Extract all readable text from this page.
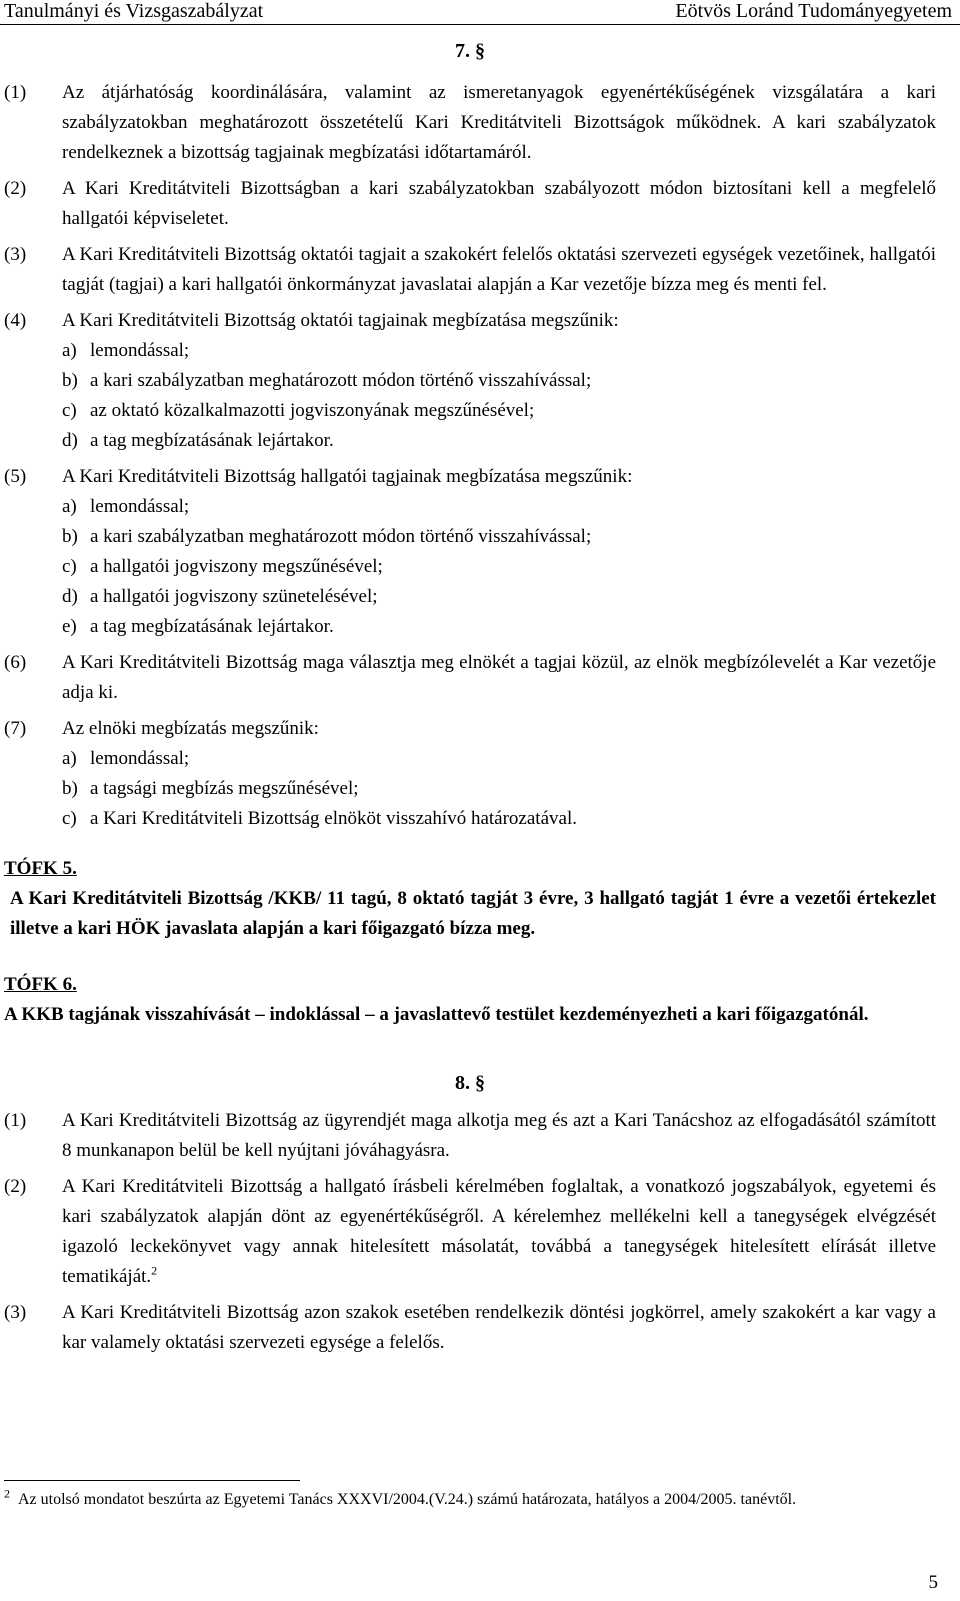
Tanulmányi és Vizsgaszabályzat	Eötvös Loránd Tudományegyetem
7. §
(1)	Az átjárhatóság koordinálására, valamint az ismeretanyagok egyenértékűségének vizsgálatára a kari szabályzatokban meghatározott összetételű Kari Kreditátviteli Bizottságok működnek. A kari szabályzatok rendelkeznek a bizottság tagjainak megbízatási időtartamáról.
(2)	A Kari Kreditátviteli Bizottságban a kari szabályzatokban szabályozott módon biztosítani kell a megfelelő hallgatói képviseletet.
(3)	A Kari Kreditátviteli Bizottság oktatói tagjait a szakokért felelős oktatási szervezeti egységek vezetőinek, hallgatói tagját (tagjai) a kari hallgatói önkormányzat javaslatai alapján a Kar vezetője bízza meg és menti fel.
(4)	A Kari Kreditátviteli Bizottság oktatói tagjainak megbízatása megszűnik:
a) lemondással;
b) a kari szabályzatban meghatározott módon történő visszahívással;
c) az oktató közalkalmazotti jogviszonyának megszűnésével;
d) a tag megbízatásának lejártakor.
(5)	A Kari Kreditátviteli Bizottság hallgatói tagjainak megbízatása megszűnik:
a) lemondással;
b) a kari szabályzatban meghatározott módon történő visszahívással;
c) a hallgatói jogviszony megszűnésével;
d) a hallgatói jogviszony szünetelésével;
e) a tag megbízatásának lejártakor.
(6)	A Kari Kreditátviteli Bizottság maga választja meg elnökét a tagjai közül, az elnök megbízólevelét a Kar vezetője adja ki.
(7)	Az elnöki megbízatás megszűnik:
a) lemondással;
b) a tagsági megbízás megszűnésével;
c) a Kari Kreditátviteli Bizottság elnököt visszahívó határozatával.
TÓFK 5.
A Kari Kreditátviteli Bizottság /KKB/ 11 tagú, 8 oktató tagját 3 évre, 3 hallgató tagját 1 évre a vezetői értekezlet illetve a kari HÖK javaslata alapján a kari főigazgató bízza meg.
TÓFK 6.
A KKB tagjának visszahívását – indoklással – a javaslattevő testület kezdeményezheti a kari főigazgatónál.
8. §
(1)	A Kari Kreditátviteli Bizottság az ügyrendjét maga alkotja meg és azt a Kari Tanácshoz az elfogadásától számított 8 munkanapon belül be kell nyújtani jóváhagyásra.
(2)	A Kari Kreditátviteli Bizottság a hallgató írásbeli kérelmében foglaltak, a vonatkozó jogszabályok, egyetemi és kari szabályzatok alapján dönt az egyenértékűségről. A kérelemhez mellékelni kell a tanegységek elvégzését igazoló leckekönyvet vagy annak hitelesített másolatát, továbbá a tanegységek hitelesített elírását illetve tematikáját.$^2$
(3)	A Kari Kreditátviteli Bizottság azon szakok esetében rendelkezik döntési jogkörrel, amely szakokért a kar vagy a kar valamely oktatási szervezeti egysége a felelős.
$^2$ Az utolsó mondatot beszúrta az Egyetemi Tanács XXXVI/2004.(V.24.) számú határozata, hatályos a 2004/2005. tanévtől.
5
